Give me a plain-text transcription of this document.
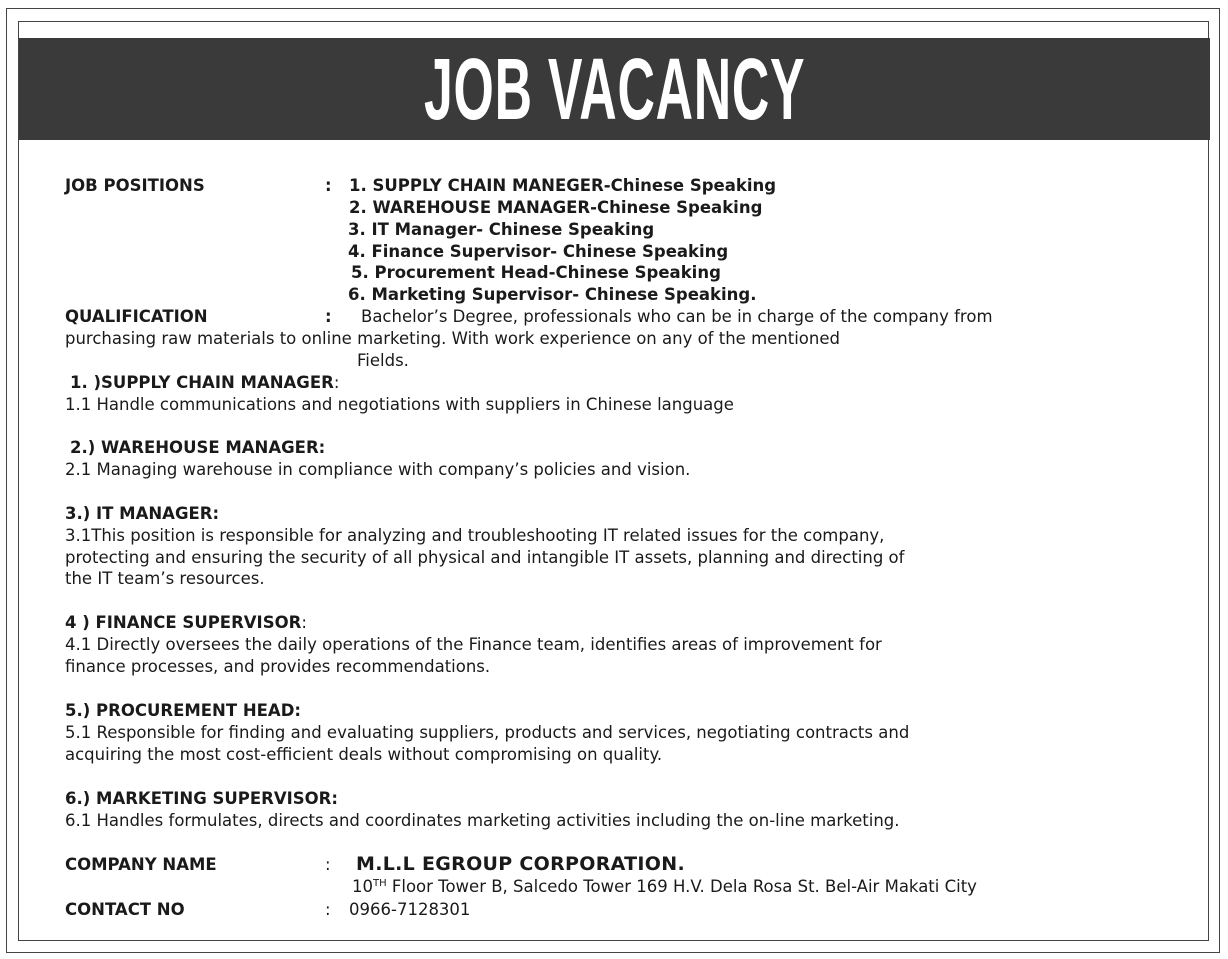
JOB VACANCY
JOB POSITIONS	: 1. SUPPLY CHAIN MANEGER-Chinese Speaking
2. WAREHOUSE MANAGER-Chinese Speaking
3. IT Manager- Chinese Speaking
4. Finance Supervisor- Chinese Speaking
5. Procurement Head-Chinese Speaking
6. Marketing Supervisor- Chinese Speaking.
QUALIFICATION	: Bachelor’s Degree, professionals who can be in charge of the company from
purchasing raw materials to online marketing. With work experience on any of the mentioned
Fields.
1. )SUPPLY CHAIN MANAGER:
1.1 Handle communications and negotiations with suppliers in Chinese language
2.) WAREHOUSE MANAGER:
2.1 Managing warehouse in compliance with company’s policies and vision.
3.) IT MANAGER:
3.1This position is responsible for analyzing and troubleshooting IT related issues for the company,
protecting and ensuring the security of all physical and intangible IT assets, planning and directing of
the IT team’s resources.
4 ) FINANCE SUPERVISOR:
4.1 Directly oversees the daily operations of the Finance team, identifies areas of improvement for
finance processes, and provides recommendations.
5.) PROCUREMENT HEAD:
5.1 Responsible for finding and evaluating suppliers, products and services, negotiating contracts and
acquiring the most cost-efficient deals without compromising on quality.
6.) MARKETING SUPERVISOR:
6.1 Handles formulates, directs and coordinates marketing activities including the on-line marketing.
COMPANY NAME	: M.L.L EGROUP CORPORATION.
10TH Floor Tower B, Salcedo Tower 169 H.V. Dela Rosa St. Bel-Air Makati City
CONTACT NO	: 0966-7128301
